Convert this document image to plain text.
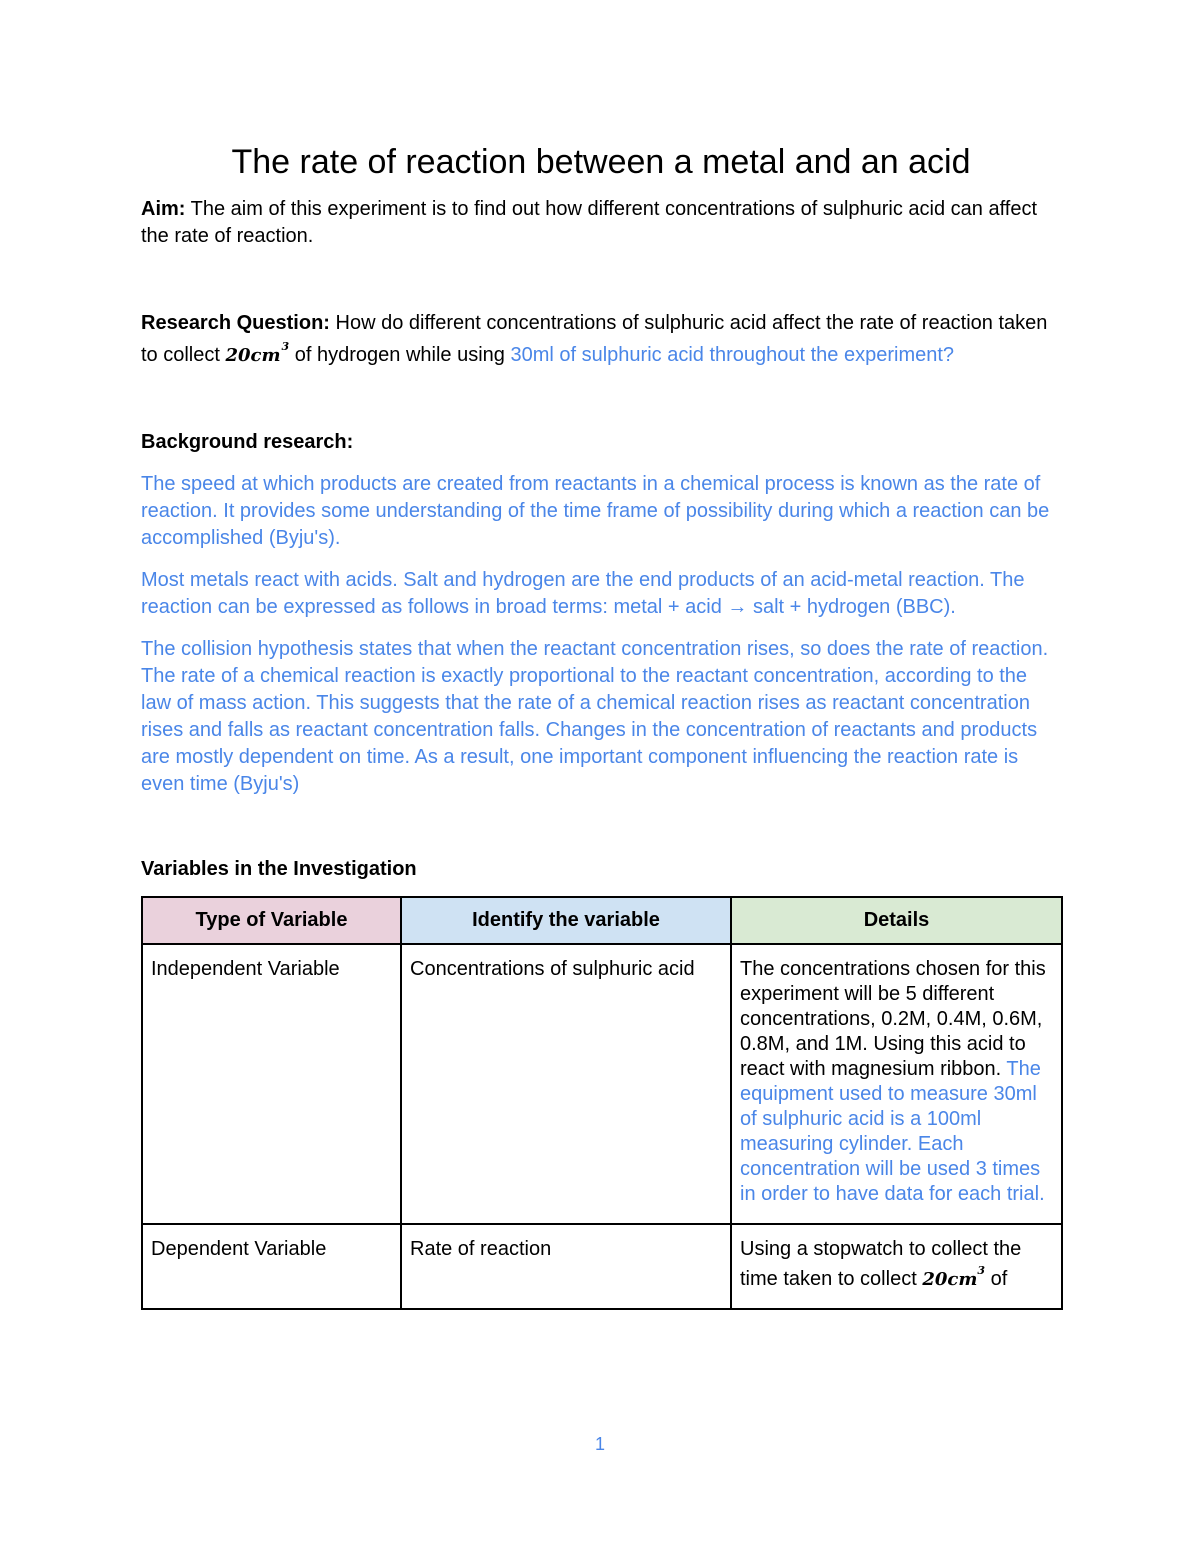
The rate of reaction between a metal and an acid

Aim: The aim of this experiment is to find out how different concentrations of sulphuric acid can affect the rate of reaction.

Research Question: How do different concentrations of sulphuric acid affect the rate of reaction taken to collect $20cm^3$ of hydrogen while using 30ml of sulphuric acid throughout the experiment?

Background research:

The speed at which products are created from reactants in a chemical process is known as the rate of reaction. It provides some understanding of the time frame of possibility during which a reaction can be accomplished (Byju's).

Most metals react with acids. Salt and hydrogen are the end products of an acid-metal reaction. The reaction can be expressed as follows in broad terms: metal + acid → salt + hydrogen (BBC).

The collision hypothesis states that when the reactant concentration rises, so does the rate of reaction. The rate of a chemical reaction is exactly proportional to the reactant concentration, according to the law of mass action. This suggests that the rate of a chemical reaction rises as reactant concentration rises and falls as reactant concentration falls. Changes in the concentration of reactants and products are mostly dependent on time. As a result, one important component influencing the reaction rate is even time (Byju's)

Variables in the Investigation

Type of Variable	Identify the variable	Details
Independent Variable	Concentrations of sulphuric acid	The concentrations chosen for this experiment will be 5 different concentrations, 0.2M, 0.4M, 0.6M, 0.8M, and 1M. Using this acid to react with magnesium ribbon. The equipment used to measure 30ml of sulphuric acid is a 100ml measuring cylinder. Each concentration will be used 3 times in order to have data for each trial.
Dependent Variable	Rate of reaction	Using a stopwatch to collect the time taken to collect $20cm^3$ of
1
